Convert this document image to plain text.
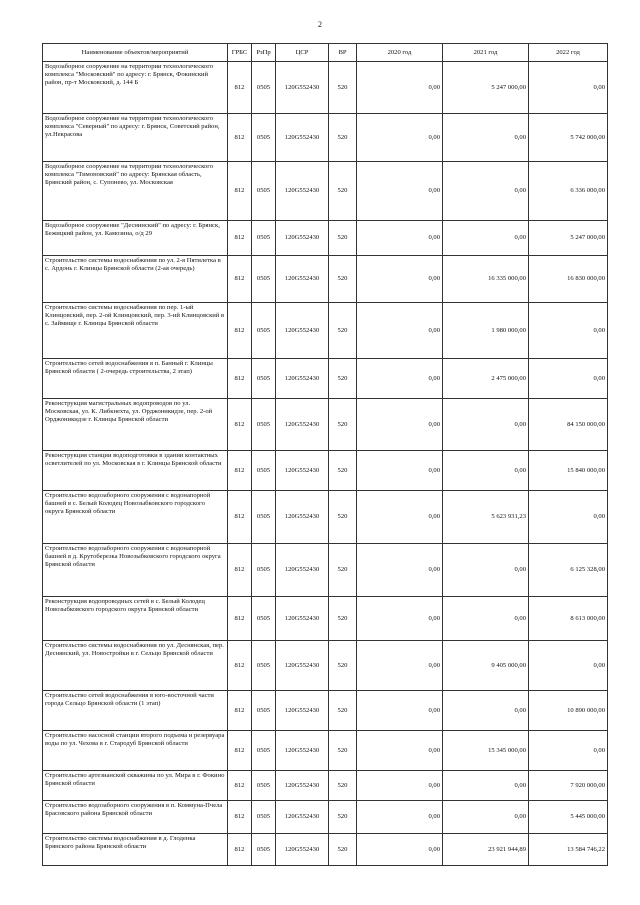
2
Наименование объектов/мероприятий	ГРБС	РзПр	ЦСР	ВР	2020 год	2021 год	2022 год
Водозаборное сооружение на территории технологического комплекса "Московский" по адресу: г. Брянск, Фокинский район, пр-т Московский, д. 144 Б	812	0505	120G552430	520	0,00	5 247 000,00	0,00
Водозаборное сооружение на территории технологического комплекса "Северный" по адресу: г. Брянск, Советский район, ул.Некрасова	812	0505	120G552430	520	0,00	0,00	5 742 000,00
Водозаборное сооружение на территории технологического комплекса "Тимоновский" по адресу: Брянская область, Брянский район, с. Супонево, ул. Московская	812	0505	120G552430	520	0,00	0,00	6 336 000,00
Водозаборное сооружение "Деснинский" по адресу: г. Брянск, Бежицкий район, ул. Камозина, о/д 29	812	0505	120G552430	520	0,00	0,00	5 247 000,00
Строительство системы водоснабжения по ул. 2-я Пятилетка в с. Ардонь г. Клинцы Брянской области (2-ая очередь)	812	0505	120G552430	520	0,00	16 335 000,00	16 830 000,00
Строительство системы водоснабжения по пер. 1-ый Клинцовский, пер. 2-ой Клинцовский, пер. 3-ий Клинцовский в с. Займище г. Клинцы Брянской области	812	0505	120G552430	520	0,00	1 980 000,00	0,00
Строительство сетей водоснабжения в п. Банный г. Клинцы Брянской области ( 2-очередь строительства, 2 этап)	812	0505	120G552430	520	0,00	2 475 000,00	0,00
Реконструкция магистральных водопроводов по ул. Московская, ул. К. Либкнехта, ул. Орджоникидзе, пер. 2-ой Орджоникидзе г. Клинцы Брянской области	812	0505	120G552430	520	0,00	0,00	84 150 000,00
Реконструкция станции водоподготовки в здании контактных осветлителей по ул. Московская в г. Клинцы Брянской области	812	0505	120G552430	520	0,00	0,00	15 840 000,00
Строительство водозаборного сооружения с водонапорной башней в с. Белый Колодец Новозыбковского городского округа Брянской области	812	0505	120G552430	520	0,00	5 623 931,23	0,00
Строительство водозаборного сооружения с водонапорной башней в д. Крутоберезка Новозыбковского городского округа Брянской области	812	0505	120G552430	520	0,00	0,00	6 125 328,00
Реконструкция водопроводных сетей в с. Белый Колодец Новозыбковского городского округа Брянской области	812	0505	120G552430	520	0,00	0,00	8 613 000,00
Строительство системы водоснабжения по ул. Деснянская, пер. Деснянский, ул. Новостройки в г. Сельцо Брянской области	812	0505	120G552430	520	0,00	9 405 000,00	0,00
Строительство сетей водоснабжения в юго-восточной части города Сельцо Брянской области (1 этап)	812	0505	120G552430	520	0,00	0,00	10 890 000,00
Строительство насосной станции второго подъема и резервуара воды по ул. Чехова в г. Стародуб Брянской области	812	0505	120G552430	520	0,00	15 345 000,00	0,00
Строительство артезианской скважины по ул. Мира в г. Фокино Брянской области	812	0505	120G552430	520	0,00	0,00	7 920 000,00
Строительство водозаборного сооружения в п. Коммуна-Пчела Брасовского района Брянской области	812	0505	120G552430	520	0,00	0,00	5 445 000,00
Строительство системы водоснабжения в д. Глоденка Брянского района Брянской области	812	0505	120G552430	520	0,00	23 921 944,89	13 584 746,22
